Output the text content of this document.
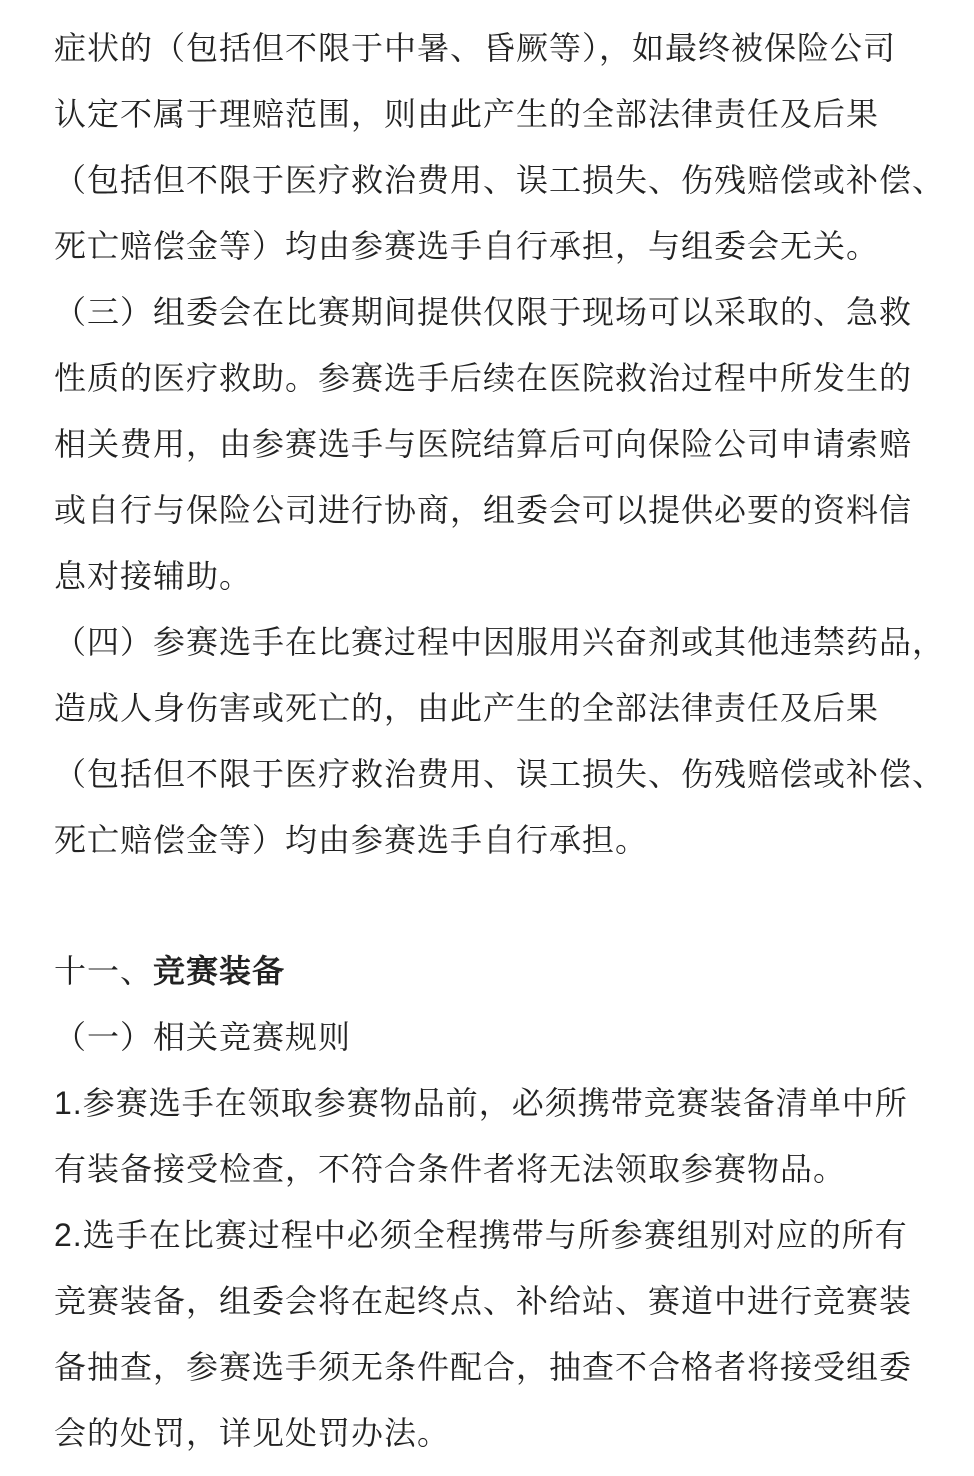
症状的（包括但不限于中暑、昏厥等），如最终被保险公司
认定不属于理赔范围，则由此产生的全部法律责任及后果
（包括但不限于医疗救治费用、误工损失、伤残赔偿或补偿、
死亡赔偿金等）均由参赛选手自行承担，与组委会无关。
（三）组委会在比赛期间提供仅限于现场可以采取的、急救
性质的医疗救助。参赛选手后续在医院救治过程中所发生的
相关费用，由参赛选手与医院结算后可向保险公司申请索赔
或自行与保险公司进行协商，组委会可以提供必要的资料信
息对接辅助。
（四）参赛选手在比赛过程中因服用兴奋剂或其他违禁药品，
造成人身伤害或死亡的，由此产生的全部法律责任及后果
（包括但不限于医疗救治费用、误工损失、伤残赔偿或补偿、
死亡赔偿金等）均由参赛选手自行承担。
十一、竞赛装备
（一）相关竞赛规则
1.参赛选手在领取参赛物品前，必须携带竞赛装备清单中所
有装备接受检查，不符合条件者将无法领取参赛物品。
2.选手在比赛过程中必须全程携带与所参赛组别对应的所有
竞赛装备，组委会将在起终点、补给站、赛道中进行竞赛装
备抽查，参赛选手须无条件配合，抽查不合格者将接受组委
会的处罚，详见处罚办法。
